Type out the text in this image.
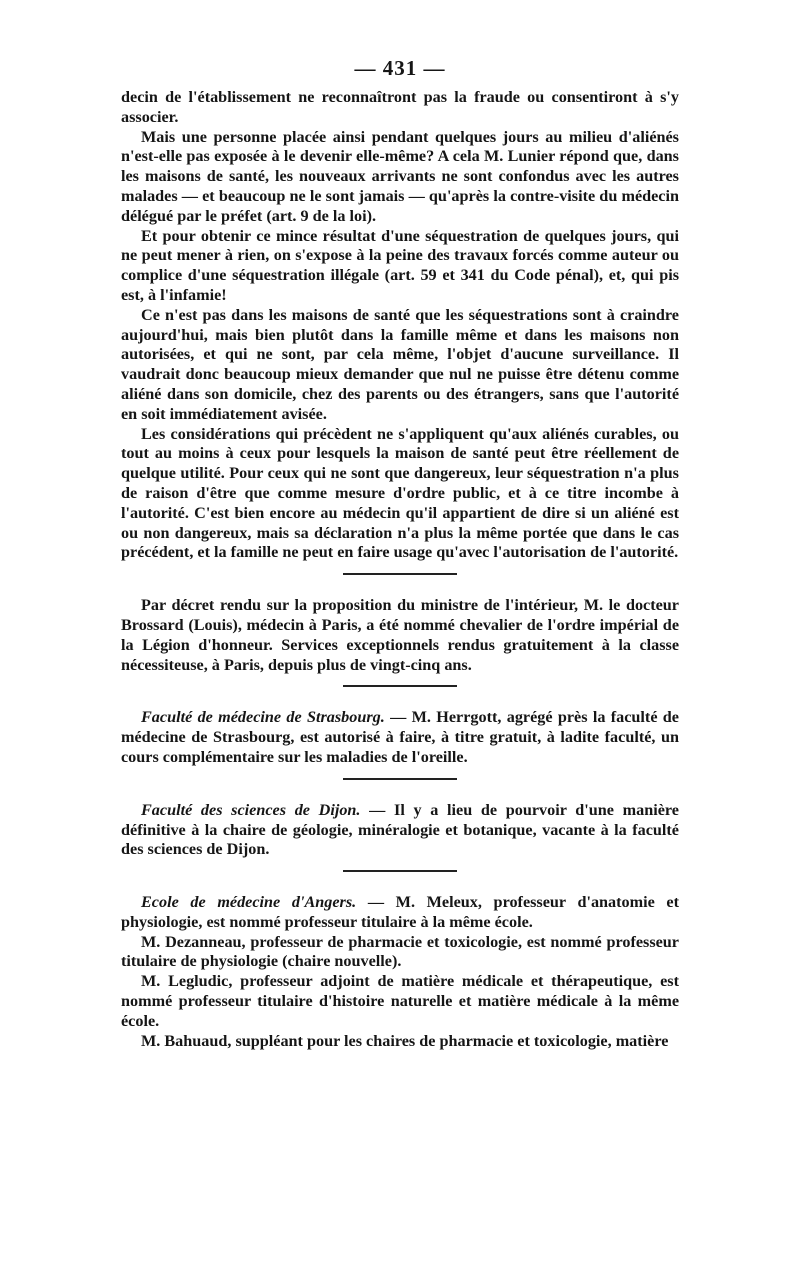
— 431 —

decin de l'établissement ne reconnaîtront pas la fraude ou consentiront à s'y associer.

Mais une personne placée ainsi pendant quelques jours au milieu d'aliénés n'est-elle pas exposée à le devenir elle-même? A cela M. Lunier répond que, dans les maisons de santé, les nouveaux arrivants ne sont confondus avec les autres malades — et beaucoup ne le sont jamais — qu'après la contre-visite du médecin délégué par le préfet (art. 9 de la loi).

Et pour obtenir ce mince résultat d'une séquestration de quelques jours, qui ne peut mener à rien, on s'expose à la peine des travaux forcés comme auteur ou complice d'une séquestration illégale (art. 59 et 341 du Code pénal), et, qui pis est, à l'infamie!

Ce n'est pas dans les maisons de santé que les séquestrations sont à craindre aujourd'hui, mais bien plutôt dans la famille même et dans les maisons non autorisées, et qui ne sont, par cela même, l'objet d'aucune surveillance. Il vaudrait donc beaucoup mieux demander que nul ne puisse être détenu comme aliéné dans son domicile, chez des parents ou des étrangers, sans que l'autorité en soit immédiatement avisée.

Les considérations qui précèdent ne s'appliquent qu'aux aliénés curables, ou tout au moins à ceux pour lesquels la maison de santé peut être réellement de quelque utilité. Pour ceux qui ne sont que dangereux, leur séquestration n'a plus de raison d'être que comme mesure d'ordre public, et à ce titre incombe à l'autorité. C'est bien encore au médecin qu'il appartient de dire si un aliéné est ou non dangereux, mais sa déclaration n'a plus la même portée que dans le cas précédent, et la famille ne peut en faire usage qu'avec l'autorisation de l'autorité.

Par décret rendu sur la proposition du ministre de l'intérieur, M. le docteur Brossard (Louis), médecin à Paris, a été nommé chevalier de l'ordre impérial de la Légion d'honneur. Services exceptionnels rendus gratuitement à la classe nécessiteuse, à Paris, depuis plus de vingt-cinq ans.

Faculté de médecine de Strasbourg. — M. Herrgott, agrégé près la faculté de médecine de Strasbourg, est autorisé à faire, à titre gratuit, à ladite faculté, un cours complémentaire sur les maladies de l'oreille.

Faculté des sciences de Dijon. — Il y a lieu de pourvoir d'une manière définitive à la chaire de géologie, minéralogie et botanique, vacante à la faculté des sciences de Dijon.

Ecole de médecine d'Angers. — M. Meleux, professeur d'anatomie et physiologie, est nommé professeur titulaire à la même école.

M. Dezanneau, professeur de pharmacie et toxicologie, est nommé professeur titulaire de physiologie (chaire nouvelle).

M. Legludic, professeur adjoint de matière médicale et thérapeutique, est nommé professeur titulaire d'histoire naturelle et matière médicale à la même école.

M. Bahuaud, suppléant pour les chaires de pharmacie et toxicologie, matière
